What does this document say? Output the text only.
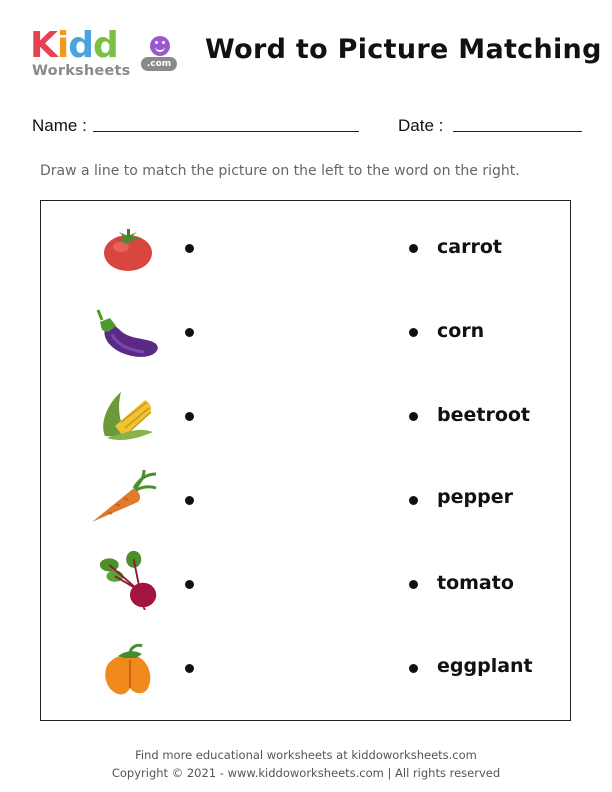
Kidd
Worksheets	.com Word to Picture Matching
Name :	Date :
Draw a line to match the picture on the left to the word on the right.
carrot
corn
beetroot
pepper
tomato
eggplant
Find more educational worksheets at kiddoworksheets.com
Copyright © 2021 - www.kiddoworksheets.com | All rights reserved
